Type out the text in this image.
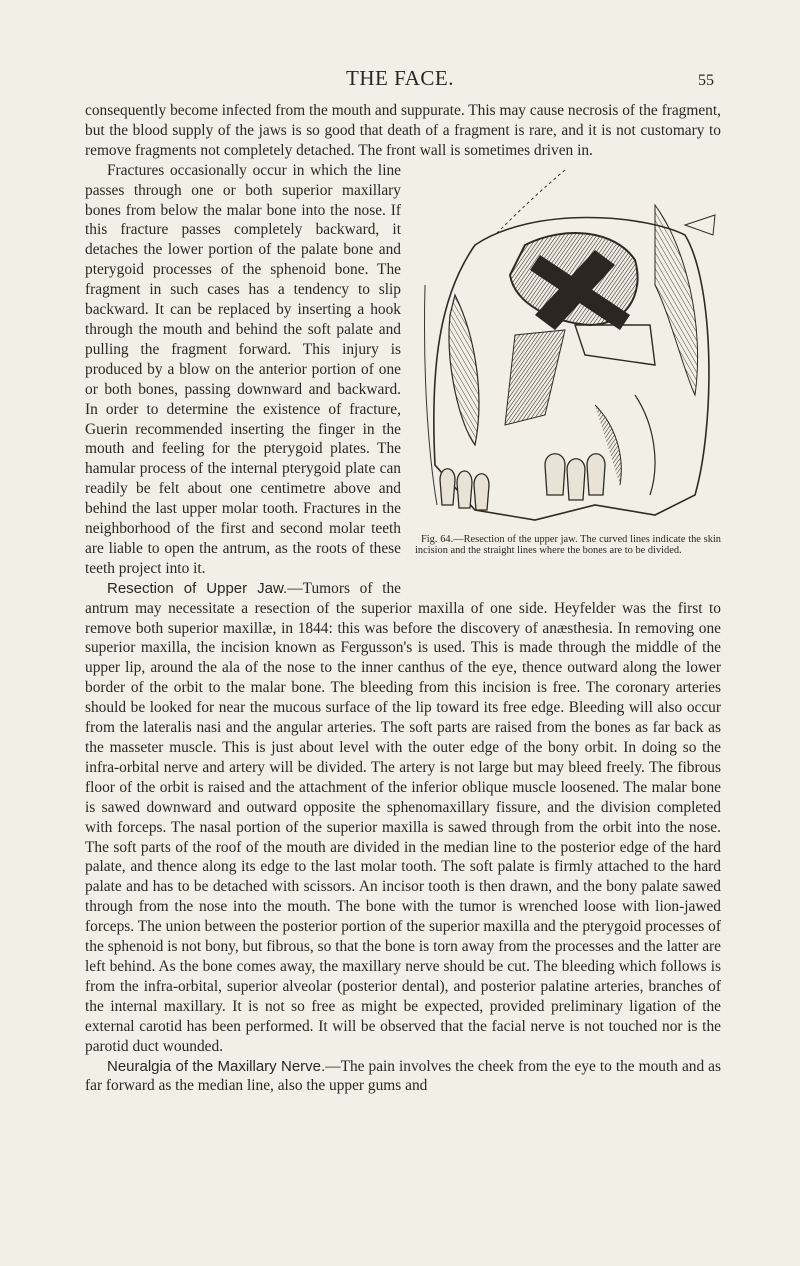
THE FACE.	55

consequently become infected from the mouth and suppurate. This may cause necrosis of the fragment, but the blood supply of the jaws is so good that death of a fragment is rare, and it is not customary to remove fragments not completely detached. The front wall is sometimes driven in.

Fig. 64.—Resection of the upper jaw. The curved lines indicate the skin incision and the straight lines where the bones are to be divided.

Fractures occasionally occur in which the line passes through one or both superior maxillary bones from below the malar bone into the nose. If this fracture passes completely backward, it detaches the lower portion of the palate bone and pterygoid processes of the sphenoid bone. The fragment in such cases has a tendency to slip backward. It can be replaced by inserting a hook through the mouth and behind the soft palate and pulling the fragment forward. This injury is produced by a blow on the anterior portion of one or both bones, passing downward and backward. In order to determine the existence of fracture, Guerin recommended inserting the finger in the mouth and feeling for the pterygoid plates. The hamular process of the internal pterygoid plate can readily be felt about one centimetre above and behind the last upper molar tooth. Fractures in the neighborhood of the first and second molar teeth are liable to open the antrum, as the roots of these teeth project into it.

Resection of Upper Jaw.—Tumors of the antrum may necessitate a resection of the superior maxilla of one side. Heyfelder was the first to remove both superior maxillæ, in 1844: this was before the discovery of anæsthesia. In removing one superior maxilla, the incision known as Fergusson's is used. This is made through the middle of the upper lip, around the ala of the nose to the inner canthus of the eye, thence outward along the lower border of the orbit to the malar bone. The bleeding from this incision is free. The coronary arteries should be looked for near the mucous surface of the lip toward its free edge. Bleeding will also occur from the lateralis nasi and the angular arteries. The soft parts are raised from the bones as far back as the masseter muscle. This is just about level with the outer edge of the bony orbit. In doing so the infra-orbital nerve and artery will be divided. The artery is not large but may bleed freely. The fibrous floor of the orbit is raised and the attachment of the inferior oblique muscle loosened. The malar bone is sawed downward and outward opposite the sphenomaxillary fissure, and the division completed with forceps. The nasal portion of the superior maxilla is sawed through from the orbit into the nose. The soft parts of the roof of the mouth are divided in the median line to the posterior edge of the hard palate, and thence along its edge to the last molar tooth. The soft palate is firmly attached to the hard palate and has to be detached with scissors. An incisor tooth is then drawn, and the bony palate sawed through from the nose into the mouth. The bone with the tumor is wrenched loose with lion-jawed forceps. The union between the posterior portion of the superior maxilla and the pterygoid processes of the sphenoid is not bony, but fibrous, so that the bone is torn away from the processes and the latter are left behind. As the bone comes away, the maxillary nerve should be cut. The bleeding which follows is from the infra-orbital, superior alveolar (posterior dental), and posterior palatine arteries, branches of the internal maxillary. It is not so free as might be expected, provided preliminary ligation of the external carotid has been performed. It will be observed that the facial nerve is not touched nor is the parotid duct wounded.

Neuralgia of the Maxillary Nerve.—The pain involves the cheek from the eye to the mouth and as far forward as the median line, also the upper gums and
